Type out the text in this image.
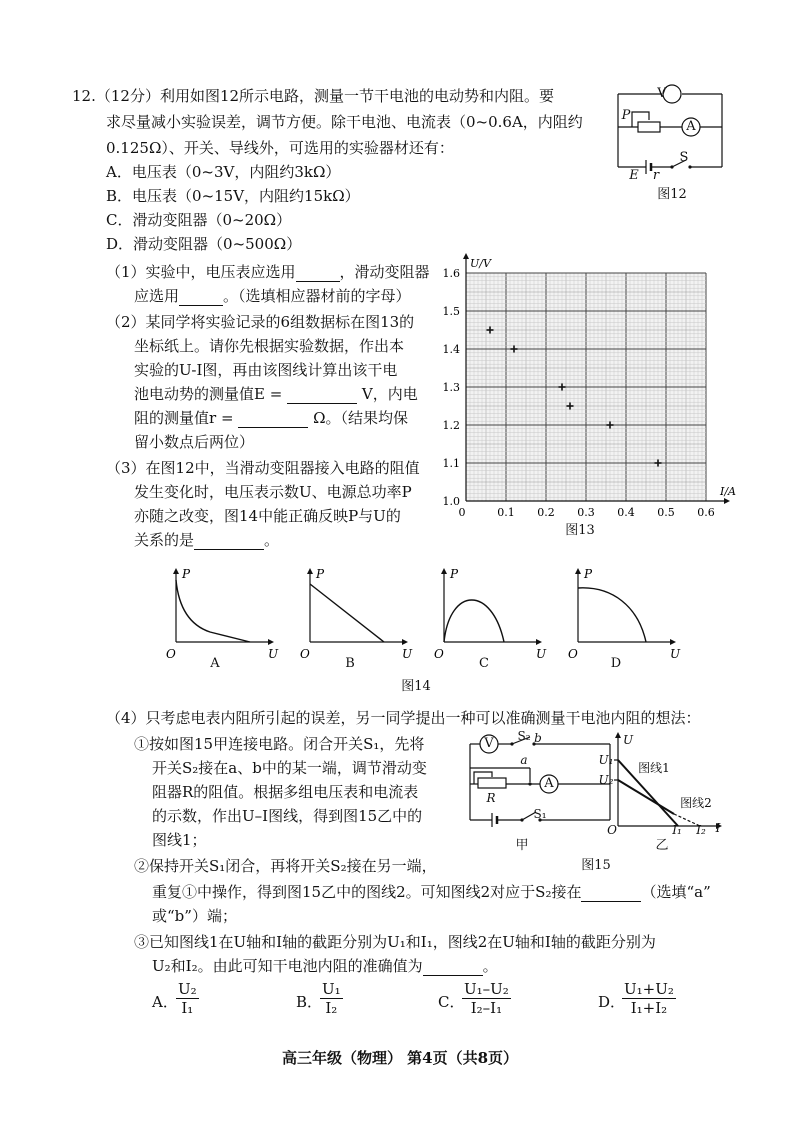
12.（12分）利用如图12所示电路，测量一节干电池的电动势和内阻。要
求尽量减小实验误差，调节方便。除干电池、电流表（0~0.6A，内阻约
0.125Ω）、开关、导线外，可选用的实验器材还有：
A．电压表（0~3V，内阻约3kΩ）
B．电压表（0~15V，内阻约15kΩ）
C．滑动变阻器（0~20Ω）
D．滑动变阻器（0~500Ω）
V
A
P
S
E r
图12
（1）实验中，电压表应选用	，滑动变阻器
应选用	。（选填相应器材前的字母）
（2）某同学将实验记录的6组数据标在图13的
坐标纸上。请你先根据实验数据，作出本
实验的U-I图，再由该图线计算出该干电
池电动势的测量值E =	V，内电
阻的测量值r =	Ω。（结果均保
留小数点后两位）
（3）在图12中，当滑动变阻器接入电路的阻值
发生变化时，电压表示数U、电源总功率P
亦随之改变，图14中能正确反映P与U的
关系的是	。
1.0
1.1
1.2
1.3
1.4
1.5
1.6
0.1 0.2 0.3 0.4 0.5 0.6
0
U/V
I/A
图13
P
U
O
P
U
O
P
U
O
P
U
O
A	B	C	D
图14
（4）只考虑电表内阻所引起的误差，另一同学提出一种可以准确测量干电池内阻的想法：
①按如图15甲连接电路。闭合开关S₁，先将
开关S₂接在a、b中的某一端，调节滑动变
阻器R的阻值。根据多组电压表和电流表
的示数，作出U–I图线，得到图15乙中的
图线1；
②保持开关S₁闭合，再将开关S₂接在另一端，
重复①中操作，得到图15乙中的图线2。可知图线2对应于S₂接在	（选填“a”
或“b”）端；
③已知图线1在U轴和I轴的截距分别为U₁和I₁，图线2在U轴和I轴的截距分别为
U₂和I₂。由此可知干电池内阻的准确值为	。
A．
$\frac{\text{U₂}}{\text{I₁}}$	B．
$\frac{\text{U₁}}{\text{I₂}}$	C．
$\frac{\text{U₁–U₂}}{\text{I₂–I₁}}$	D．
$\frac{\text{U₁+U₂}}{\text{I₁+I₂}}$
V
A
S₂ b
a
R
S₁
甲
U
I
U₁
U₂
图线1
图线2
O	I₁ I₂
乙
图15
高三年级（物理） 第4页（共8页）
